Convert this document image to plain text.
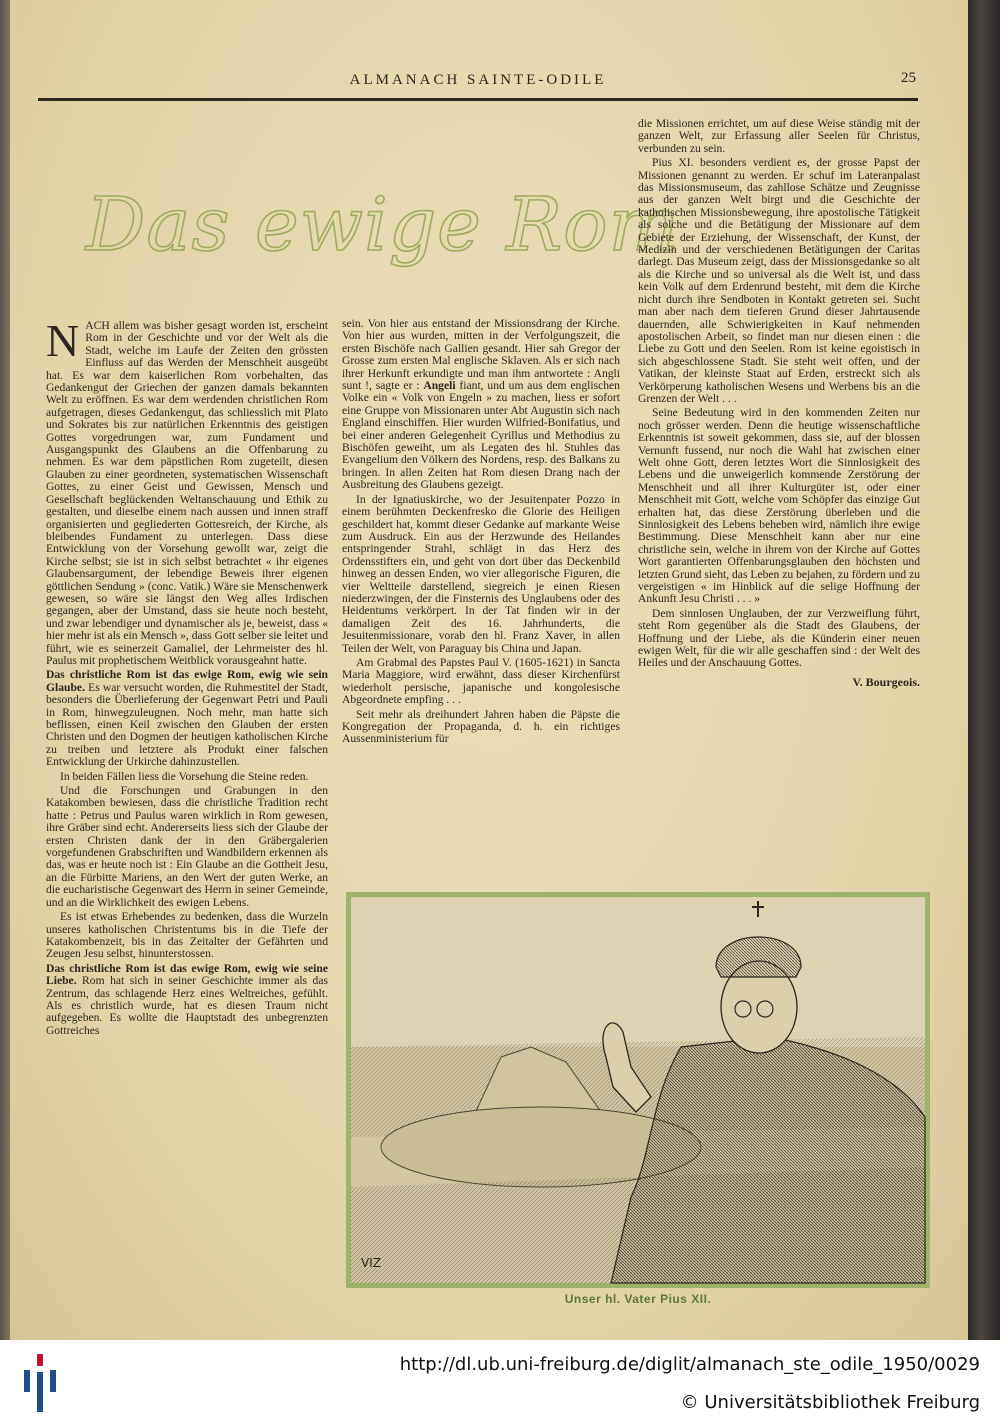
ALMANACH SAINTE-ODILE	25
Das ewige Rom

NACH allem was bisher gesagt worden ist, erscheint Rom in der Geschichte und vor der Welt als die Stadt, welche im Laufe der Zeiten den grössten Einfluss auf das Werden der Menschheit ausgeübt hat. Es war dem kaiserlichen Rom vorbehalten, das Gedankengut der Griechen der ganzen damals bekannten Welt zu eröffnen. Es war dem werdenden christlichen Rom aufgetragen, dieses Gedankengut, das schliesslich mit Plato und Sokrates bis zur natürlichen Erkenntnis des geistigen Gottes vorgedrungen war, zum Fundament und Ausgangspunkt des Glaubens an die Offenbarung zu nehmen. Es war dem päpstlichen Rom zugeteilt, diesen Glauben zu einer geordneten, systematischen Wissenschaft Gottes, zu einer Geist und Gewissen, Mensch und Gesellschaft beglückenden Weltanschauung und Ethik zu gestalten, und dieselbe einem nach aussen und innen straff organisierten und gegliederten Gottesreich, der Kirche, als bleibendes Fundament zu unterlegen. Dass diese Entwicklung von der Vorsehung gewollt war, zeigt die Kirche selbst; sie ist in sich selbst betrachtet « ihr eigenes Glaubensargument, der lebendige Beweis ihrer eigenen göttlichen Sendung » (conc. Vatik.) Wäre sie Menschenwerk gewesen, so wäre sie längst den Weg alles Irdischen gegangen, aber der Umstand, dass sie heute noch besteht, und zwar lebendiger und dynamischer als je, beweist, dass « hier mehr ist als ein Mensch », dass Gott selber sie leitet und führt, wie es seinerzeit Gamaliel, der Lehrmeister des hl. Paulus mit prophetischem Weitblick vorausgeahnt hatte.

Das christliche Rom ist das ewige Rom, ewig wie sein Glaube. Es war versucht worden, die Ruhmestitel der Stadt, besonders die Überlieferung der Gegenwart Petri und Pauli in Rom, hinwegzuleugnen. Noch mehr, man hatte sich beflissen, einen Keil zwischen den Glauben der ersten Christen und den Dogmen der heutigen katholischen Kirche zu treiben und letztere als Produkt einer falschen Entwicklung der Urkirche dahinzustellen.

In beiden Fällen liess die Vorsehung die Steine reden.

Und die Forschungen und Grabungen in den Katakomben bewiesen, dass die christliche Tradition recht hatte : Petrus und Paulus waren wirklich in Rom gewesen, ihre Gräber sind echt. Andererseits liess sich der Glaube der ersten Christen dank der in den Gräbergalerien vorgefundenen Grabschriften und Wandbildern erkennen als das, was er heute noch ist : Ein Glaube an die Gottheit Jesu, an die Fürbitte Mariens, an den Wert der guten Werke, an die eucharistische Gegenwart des Herrn in seiner Gemeinde, und an die Wirklichkeit des ewigen Lebens.

Es ist etwas Erhebendes zu bedenken, dass die Wurzeln unseres katholischen Christentums bis in die Tiefe der Katakombenzeit, bis in das Zeitalter der Gefährten und Zeugen Jesu selbst, hinunterstossen.

Das christliche Rom ist das ewige Rom, ewig wie seine Liebe. Rom hat sich in seiner Geschichte immer als das Zentrum, das schlagende Herz eines Weltreiches, gefühlt. Als es christlich wurde, hat es diesen Traum nicht aufgegeben. Es wollte die Hauptstadt des unbegrenzten Gottreiches

sein. Von hier aus entstand der Missionsdrang der Kirche. Von hier aus wurden, mitten in der Verfolgungszeit, die ersten Bischöfe nach Gallien gesandt. Hier sah Gregor der Grosse zum ersten Mal englische Sklaven. Als er sich nach ihrer Herkunft erkundigte und man ihm antwortete : Angli sunt !, sagte er : Angeli fiant, und um aus dem englischen Volke ein « Volk von Engeln » zu machen, liess er sofort eine Gruppe von Missionaren unter Abt Augustin sich nach England einschiffen. Hier wurden Wilfried-Bonifatius, und bei einer anderen Gelegenheit Cyrillus und Methodius zu Bischöfen geweiht, um als Legaten des hl. Stuhles das Evangelium den Völkern des Nordens, resp. des Balkans zu bringen. In allen Zeiten hat Rom diesen Drang nach der Ausbreitung des Glaubens gezeigt.

In der Ignatiuskirche, wo der Jesuitenpater Pozzo in einem berühmten Deckenfresko die Glorie des Heiligen geschildert hat, kommt dieser Gedanke auf markante Weise zum Ausdruck. Ein aus der Herzwunde des Heilandes entspringender Strahl, schlägt in das Herz des Ordensstifters ein, und geht von dort über das Deckenbild hinweg an dessen Enden, wo vier allegorische Figuren, die vier Weltteile darstellend, siegreich je einen Riesen niederzwingen, der die Finsternis des Unglaubens oder des Heidentums verkörpert. In der Tat finden wir in der damaligen Zeit des 16. Jahrhunderts, die Jesuitenmissionare, vorab den hl. Franz Xaver, in allen Teilen der Welt, von Paraguay bis China und Japan.

Am Grabmal des Papstes Paul V. (1605-1621) in Sancta Maria Maggiore, wird erwähnt, dass dieser Kirchenfürst wiederholt persische, japanische und kongolesische Abgeordnete empfing . . .

Seit mehr als dreihundert Jahren haben die Päpste die Kongregation der Propaganda, d. h. ein richtiges Aussenministerium für

die Missionen errichtet, um auf diese Weise ständig mit der ganzen Welt, zur Erfassung aller Seelen für Christus, verbunden zu sein.

Pius XI. besonders verdient es, der grosse Papst der Missionen genannt zu werden. Er schuf im Lateranpalast das Missionsmuseum, das zahllose Schätze und Zeugnisse aus der ganzen Welt birgt und die Geschichte der katholischen Missionsbewegung, ihre apostolische Tätigkeit als solche und die Betätigung der Missionare auf dem Gebiete der Erziehung, der Wissenschaft, der Kunst, der Medizin und der verschiedenen Betätigungen der Caritas darlegt. Das Museum zeigt, dass der Missionsgedanke so alt als die Kirche und so universal als die Welt ist, und dass kein Volk auf dem Erdenrund besteht, mit dem die Kirche nicht durch ihre Sendboten in Kontakt getreten sei. Sucht man aber nach dem tieferen Grund dieser Jahrtausende dauernden, alle Schwierigkeiten in Kauf nehmenden apostolischen Arbeit, so findet man nur diesen einen : die Liebe zu Gott und den Seelen. Rom ist keine egoistisch in sich abgeschlossene Stadt. Sie steht weit offen, und der Vatikan, der kleinste Staat auf Erden, erstreckt sich als Verkörperung katholischen Wesens und Werbens bis an die Grenzen der Welt . . .

Seine Bedeutung wird in den kommenden Zeiten nur noch grösser werden. Denn die heutige wissenschaftliche Erkenntnis ist soweit gekommen, dass sie, auf der blossen Vernunft fussend, nur noch die Wahl hat zwischen einer Welt ohne Gott, deren letztes Wort die Sinnlosigkeit des Lebens und die unweigerlich kommende Zerstörung der Menschheit und all ihrer Kulturgüter ist, oder einer Menschheit mit Gott, welche vom Schöpfer das einzige Gut erhalten hat, das diese Zerstörung überleben und die Sinnlosigkeit des Lebens beheben wird, nämlich ihre ewige Bestimmung. Diese Menschheit kann aber nur eine christliche sein, welche in ihrem von der Kirche auf Gottes Wort garantierten Offenbarungsglauben den höchsten und letzten Grund sieht, das Leben zu bejahen, zu fördern und zu vergeistigen « im Hinblick auf die selige Hoffnung der Ankunft Jesu Christi . . . »

Dem sinnlosen Unglauben, der zur Verzweiflung führt, steht Rom gegenüber als die Stadt des Glaubens, der Hoffnung und der Liebe, als die Künderin einer neuen ewigen Welt, für die wir alle geschaffen sind : der Welt des Heiles und der Anschauung Gottes.

V. Bourgeois.
VIZ
Unser hl. Vater Pius XII.
http://dl.ub.uni-freiburg.de/diglit/almanach_ste_odile_1950/0029
© Universitätsbibliothek Freiburg
